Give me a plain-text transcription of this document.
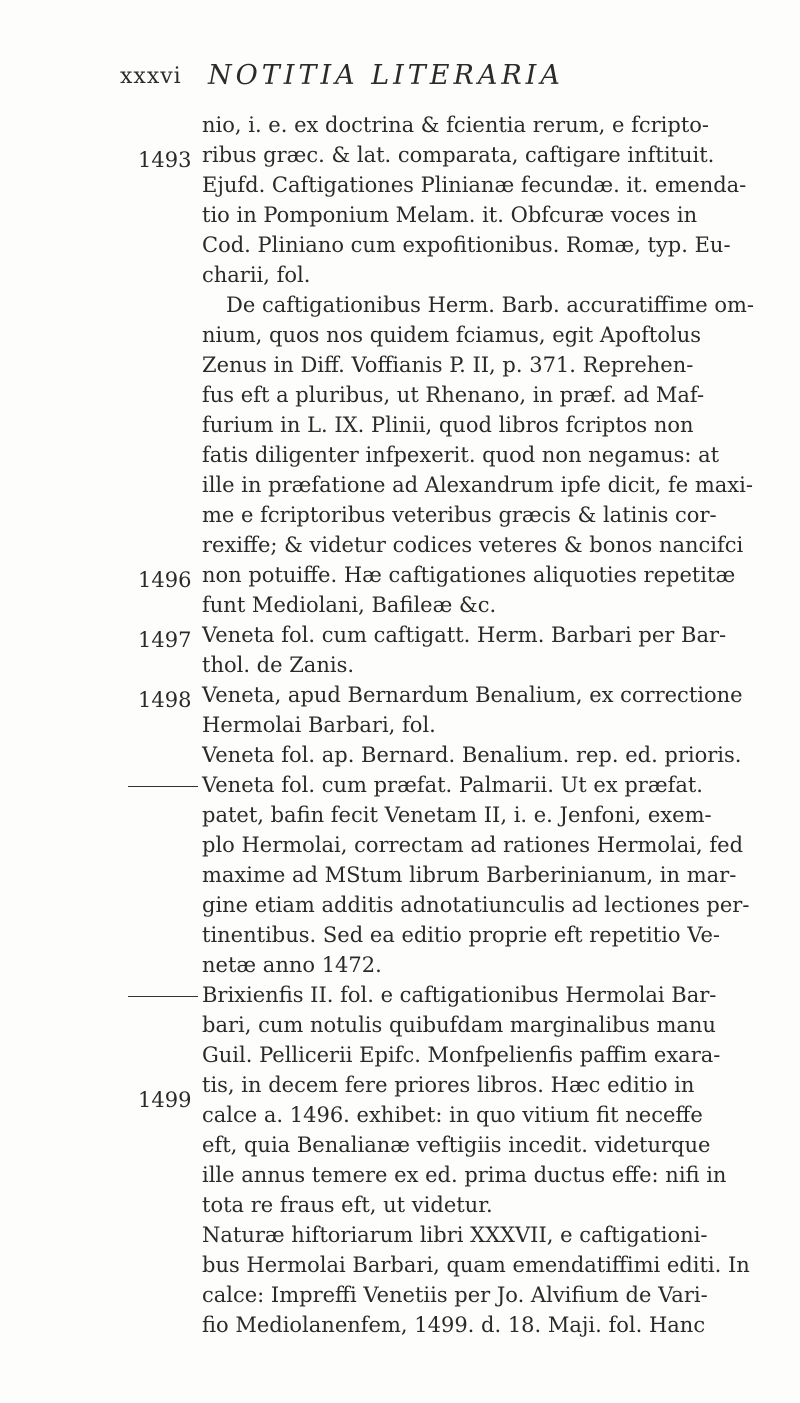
xxxvi NOTITIA LITERARIA
1493
1496
1497
1498
1499
nio, i. e. ex doctrina & fcientia rerum, e fcripto-
ribus græc. & lat. comparata, caftigare inftituit.
Ejufd. Caftigationes Plinianæ fecundæ. it. emenda-
tio in Pomponium Melam. it. Obfcuræ voces in
Cod. Pliniano cum expofitionibus. Romæ, typ. Eu-
charii, fol.
De caftigationibus Herm. Barb. accuratiffime om-
nium, quos nos quidem fciamus, egit Apoftolus
Zenus in Diff. Voffianis P. II, p. 371. Reprehen-
fus eft a pluribus, ut Rhenano, in præf. ad Maf-
furium in L. IX. Plinii, quod libros fcriptos non
fatis diligenter infpexerit. quod non negamus: at
ille in præfatione ad Alexandrum ipfe dicit, fe maxi-
me e fcriptoribus veteribus græcis & latinis cor-
rexiffe; & videtur codices veteres & bonos nancifci
non potuiffe. Hæ caftigationes aliquoties repetitæ
funt Mediolani, Bafileæ &c.
Veneta fol. cum caftigatt. Herm. Barbari per Bar-
thol. de Zanis.
Veneta, apud Bernardum Benalium, ex correctione
Hermolai Barbari, fol.
Veneta fol. ap. Bernard. Benalium. rep. ed. prioris.
Veneta fol. cum præfat. Palmarii. Ut ex præfat.
patet, bafin fecit Venetam II, i. e. Jenfoni, exem-
plo Hermolai, correctam ad rationes Hermolai, fed
maxime ad MStum librum Barberinianum, in mar-
gine etiam additis adnotatiunculis ad lectiones per-
tinentibus. Sed ea editio proprie eft repetitio Ve-
netæ anno 1472.
Brixienfis II. fol. e caftigationibus Hermolai Bar-
bari, cum notulis quibufdam marginalibus manu
Guil. Pellicerii Epifc. Monfpelienfis paffim exara-
tis, in decem fere priores libros. Hæc editio in
calce a. 1496. exhibet: in quo vitium fit neceffe
eft, quia Benalianæ veftigiis incedit. videturque
ille annus temere ex ed. prima ductus effe: nifi in
tota re fraus eft, ut videtur.
Naturæ hiftoriarum libri XXXVII, e caftigationi-
bus Hermolai Barbari, quam emendatiffimi editi. In
calce: Impreffi Venetiis per Jo. Alvifium de Vari-
fio Mediolanenfem, 1499. d. 18. Maji. fol. Hanc
